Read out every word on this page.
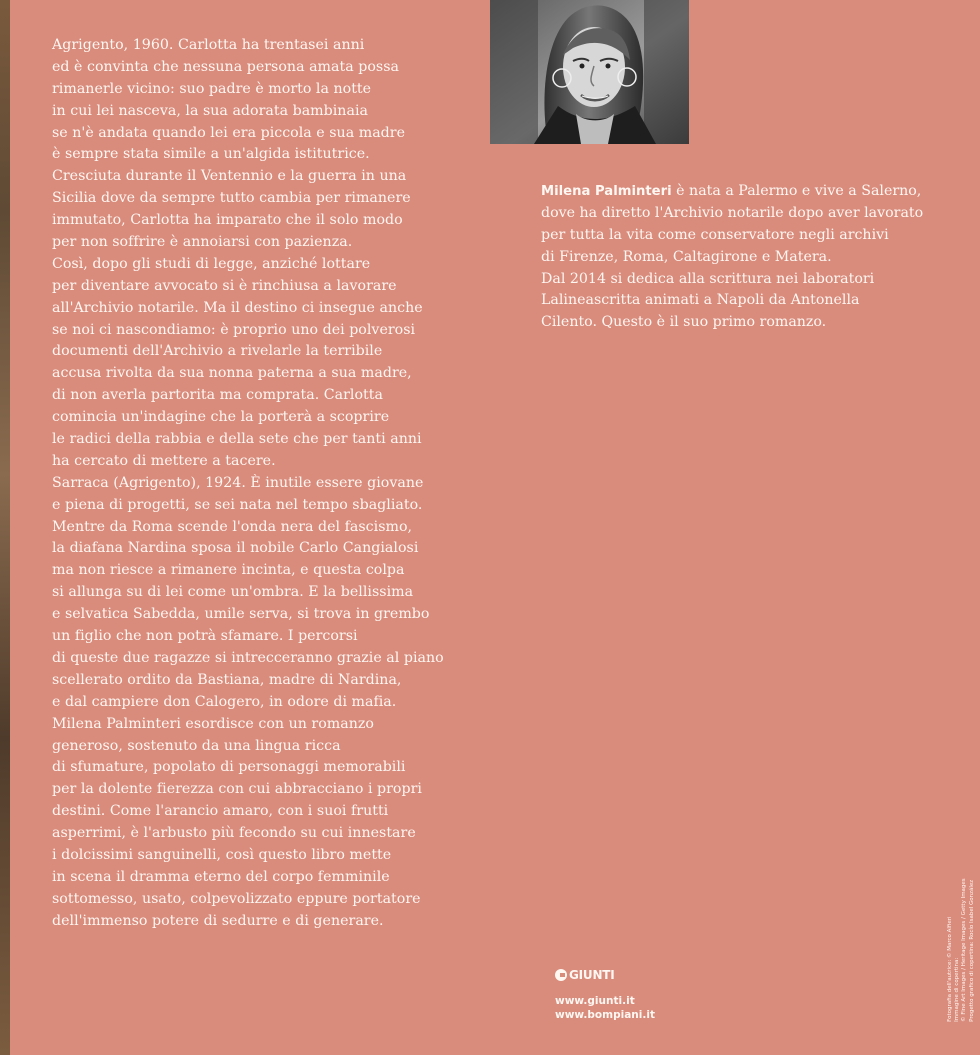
Agrigento, 1960. Carlotta ha trentasei anni
ed è convinta che nessuna persona amata possa
rimanerle vicino: suo padre è morto la notte
in cui lei nasceva, la sua adorata bambinaia
se n'è andata quando lei era piccola e sua madre
è sempre stata simile a un'algida istitutrice.
Cresciuta durante il Ventennio e la guerra in una
Sicilia dove da sempre tutto cambia per rimanere
immutato, Carlotta ha imparato che il solo modo
per non soffrire è annoiarsi con pazienza.
Così, dopo gli studi di legge, anziché lottare
per diventare avvocato si è rinchiusa a lavorare
all'Archivio notarile. Ma il destino ci insegue anche
se noi ci nascondiamo: è proprio uno dei polverosi
documenti dell'Archivio a rivelarle la terribile
accusa rivolta da sua nonna paterna a sua madre,
di non averla partorita ma comprata. Carlotta
comincia un'indagine che la porterà a scoprire
le radici della rabbia e della sete che per tanti anni
ha cercato di mettere a tacere.
Sarraca (Agrigento), 1924. È inutile essere giovane
e piena di progetti, se sei nata nel tempo sbagliato.
Mentre da Roma scende l'onda nera del fascismo,
la diafana Nardina sposa il nobile Carlo Cangialosi
ma non riesce a rimanere incinta, e questa colpa
si allunga su di lei come un'ombra. E la bellissima
e selvatica Sabedda, umile serva, si trova in grembo
un figlio che non potrà sfamare. I percorsi
di queste due ragazze si intrecceranno grazie al piano
scellerato ordito da Bastiana, madre di Nardina,
e dal campiere don Calogero, in odore di mafia.
Milena Palminteri esordisce con un romanzo
generoso, sostenuto da una lingua ricca
di sfumature, popolato di personaggi memorabili
per la dolente fierezza con cui abbracciano i propri
destini. Come l'arancio amaro, con i suoi frutti
asperrimi, è l'arbusto più fecondo su cui innestare
i dolcissimi sanguinelli, così questo libro mette
in scena il dramma eterno del corpo femminile
sottomesso, usato, colpevolizzato eppure portatore
dell'immenso potere di sedurre e di generare.
Milena Palminteri è nata a Palermo e vive a Salerno,
dove ha diretto l'Archivio notarile dopo aver lavorato
per tutta la vita come conservatore negli archivi
di Firenze, Roma, Caltagirone e Matera.
Dal 2014 si dedica alla scrittura nei laboratori
Lalineascritta animati a Napoli da Antonella
Cilento. Questo è il suo primo romanzo.
GIUNTI
www.giunti.it
www.bompiani.it	Fotografia dell'autrice: © Marco Alfieri Immagine di copertina: © Fine Art Images / Heritage Images / Getty Images Progetto grafico di copertina: Rocío Isabel González
